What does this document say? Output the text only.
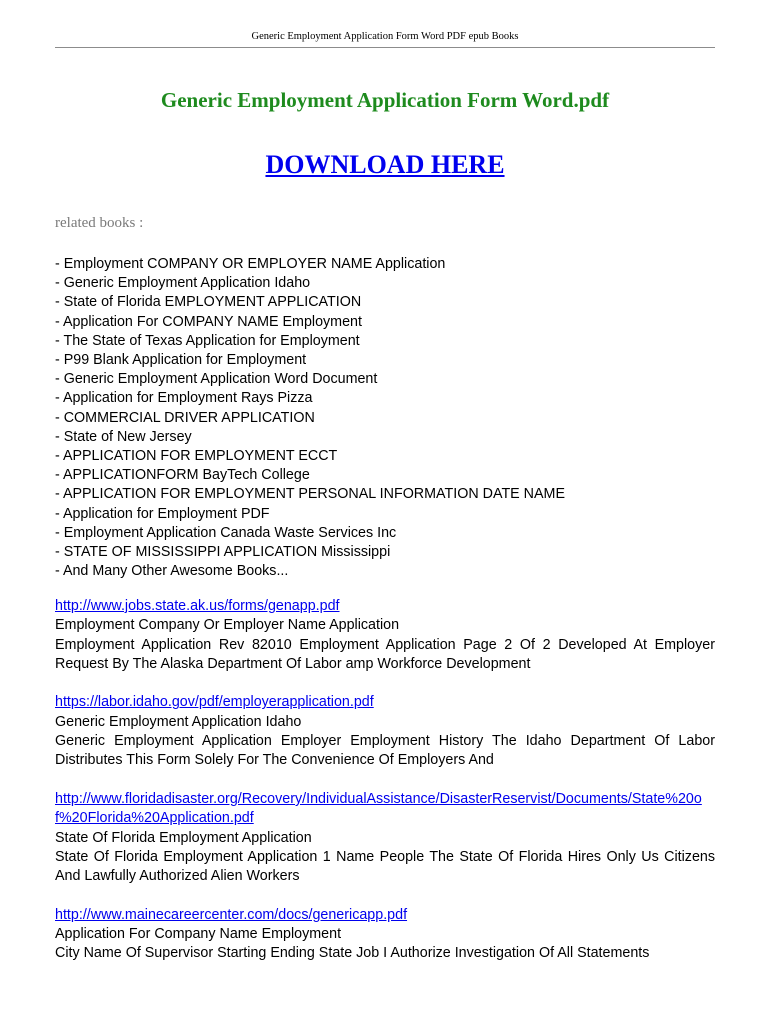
Generic Employment Application Form Word PDF epub Books
Generic Employment Application Form Word.pdf
DOWNLOAD HERE
related books :
- Employment COMPANY OR EMPLOYER NAME Application
- Generic Employment Application Idaho
- State of Florida EMPLOYMENT APPLICATION
- Application For COMPANY NAME Employment
- The State of Texas Application for Employment
- P99 Blank Application for Employment
- Generic Employment Application Word Document
- Application for Employment Rays Pizza
- COMMERCIAL DRIVER APPLICATION
- State of New Jersey
- APPLICATION FOR EMPLOYMENT ECCT
- APPLICATIONFORM BayTech College
- APPLICATION FOR EMPLOYMENT PERSONAL INFORMATION DATE NAME
- Application for Employment PDF
- Employment Application Canada Waste Services Inc
- STATE OF MISSISSIPPI APPLICATION Mississippi
- And Many Other Awesome Books...
http://www.jobs.state.ak.us/forms/genapp.pdf
Employment Company Or Employer Name Application
Employment Application Rev 82010 Employment Application Page 2 Of 2 Developed At Employer Request By The Alaska Department Of Labor amp Workforce Development
https://labor.idaho.gov/pdf/employerapplication.pdf
Generic Employment Application Idaho
Generic Employment Application Employer Employment History The Idaho Department Of Labor Distributes This Form Solely For The Convenience Of Employers And
http://www.floridadisaster.org/Recovery/IndividualAssistance/DisasterReservist/Documents/State%20of%20Florida%20Application.pdf
State Of Florida Employment Application
State Of Florida Employment Application 1 Name People The State Of Florida Hires Only Us Citizens And Lawfully Authorized Alien Workers
http://www.mainecareercenter.com/docs/genericapp.pdf
Application For Company Name Employment
City Name Of Supervisor Starting Ending State Job I Authorize Investigation Of All Statements
